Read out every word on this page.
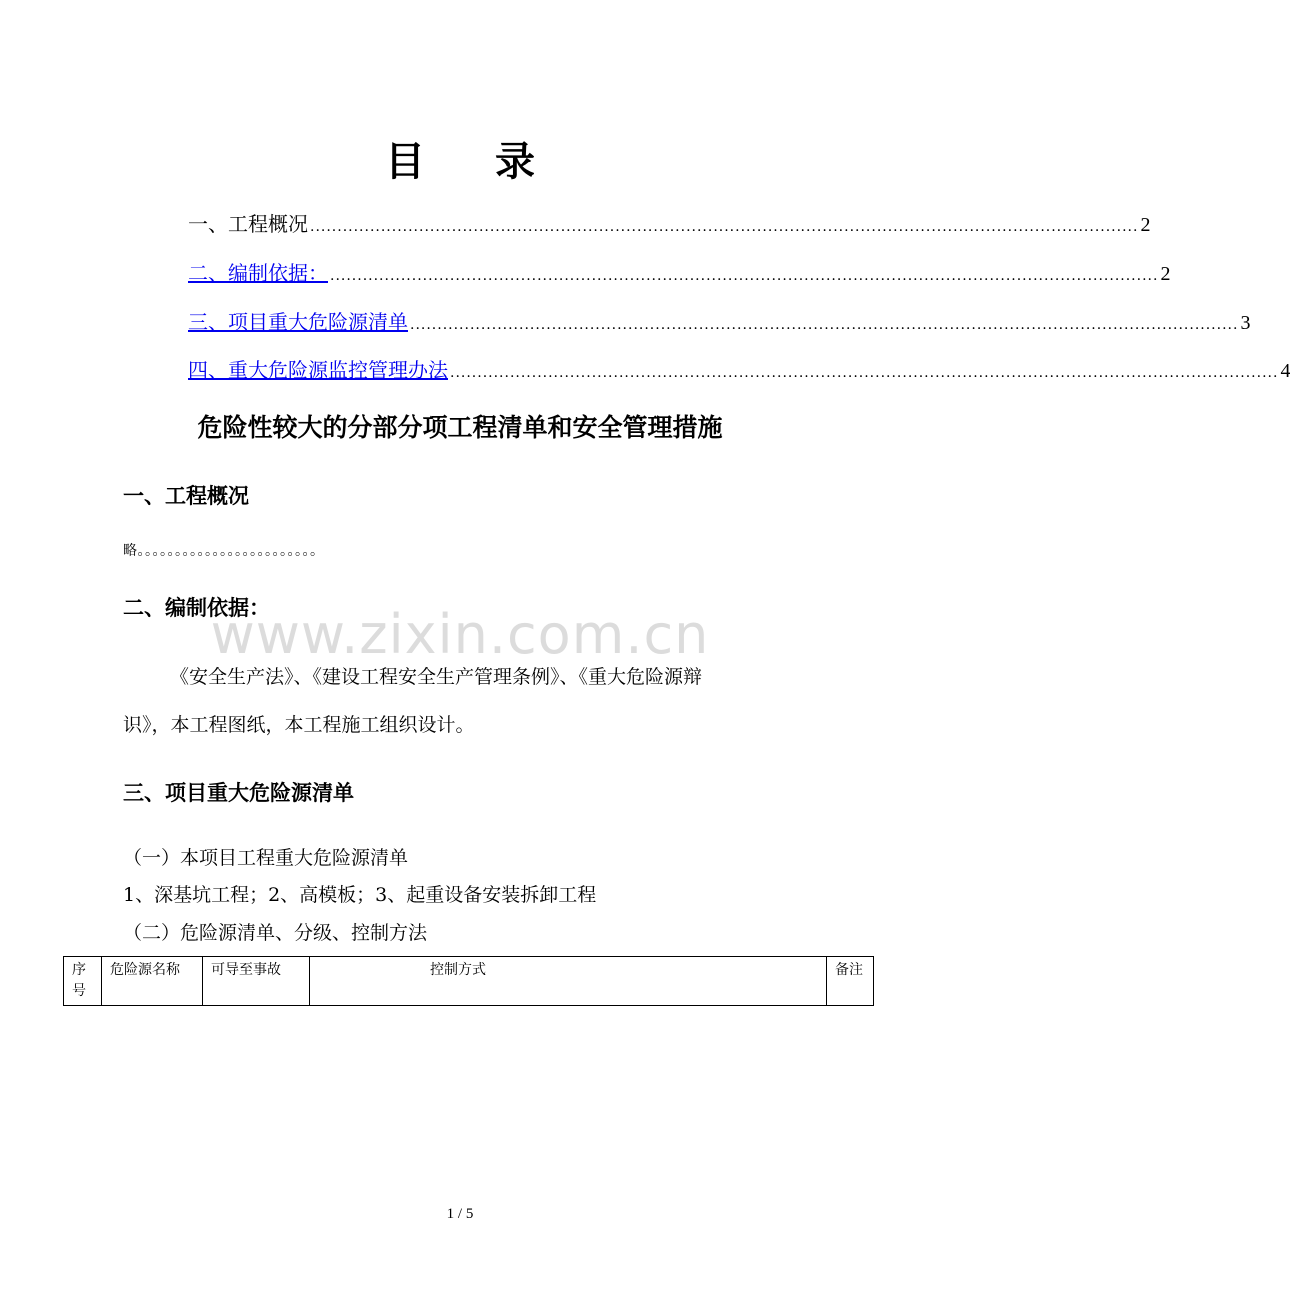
目 录
一、工程概况 ........................................................................................................................................................ 2
二、编制依据： ........................................................................................................................................................ 2
三、项目重大危险源清单 ........................................................................................................................................................ 3
四、重大危险源监控管理办法 ........................................................................................................................................................ 4
危险性较大的分部分项工程清单和安全管理措施
一、工程概况
略。。。。。。。。。。。。。。。。。。。。。。。。
二、编制依据：
www.zixin.com.cn
《安全生产法》、《建设工程安全生产管理条例》、《重大危险源辩
识》，本工程图纸，本工程施工组织设计。
三、项目重大危险源清单
（一）本项目工程重大危险源清单
1、深基坑工程；2、高模板；3、起重设备安装拆卸工程
（二）危险源清单、分级、控制方法
序号	危险源名称	可导至事故	控制方式	备注
1 / 5
